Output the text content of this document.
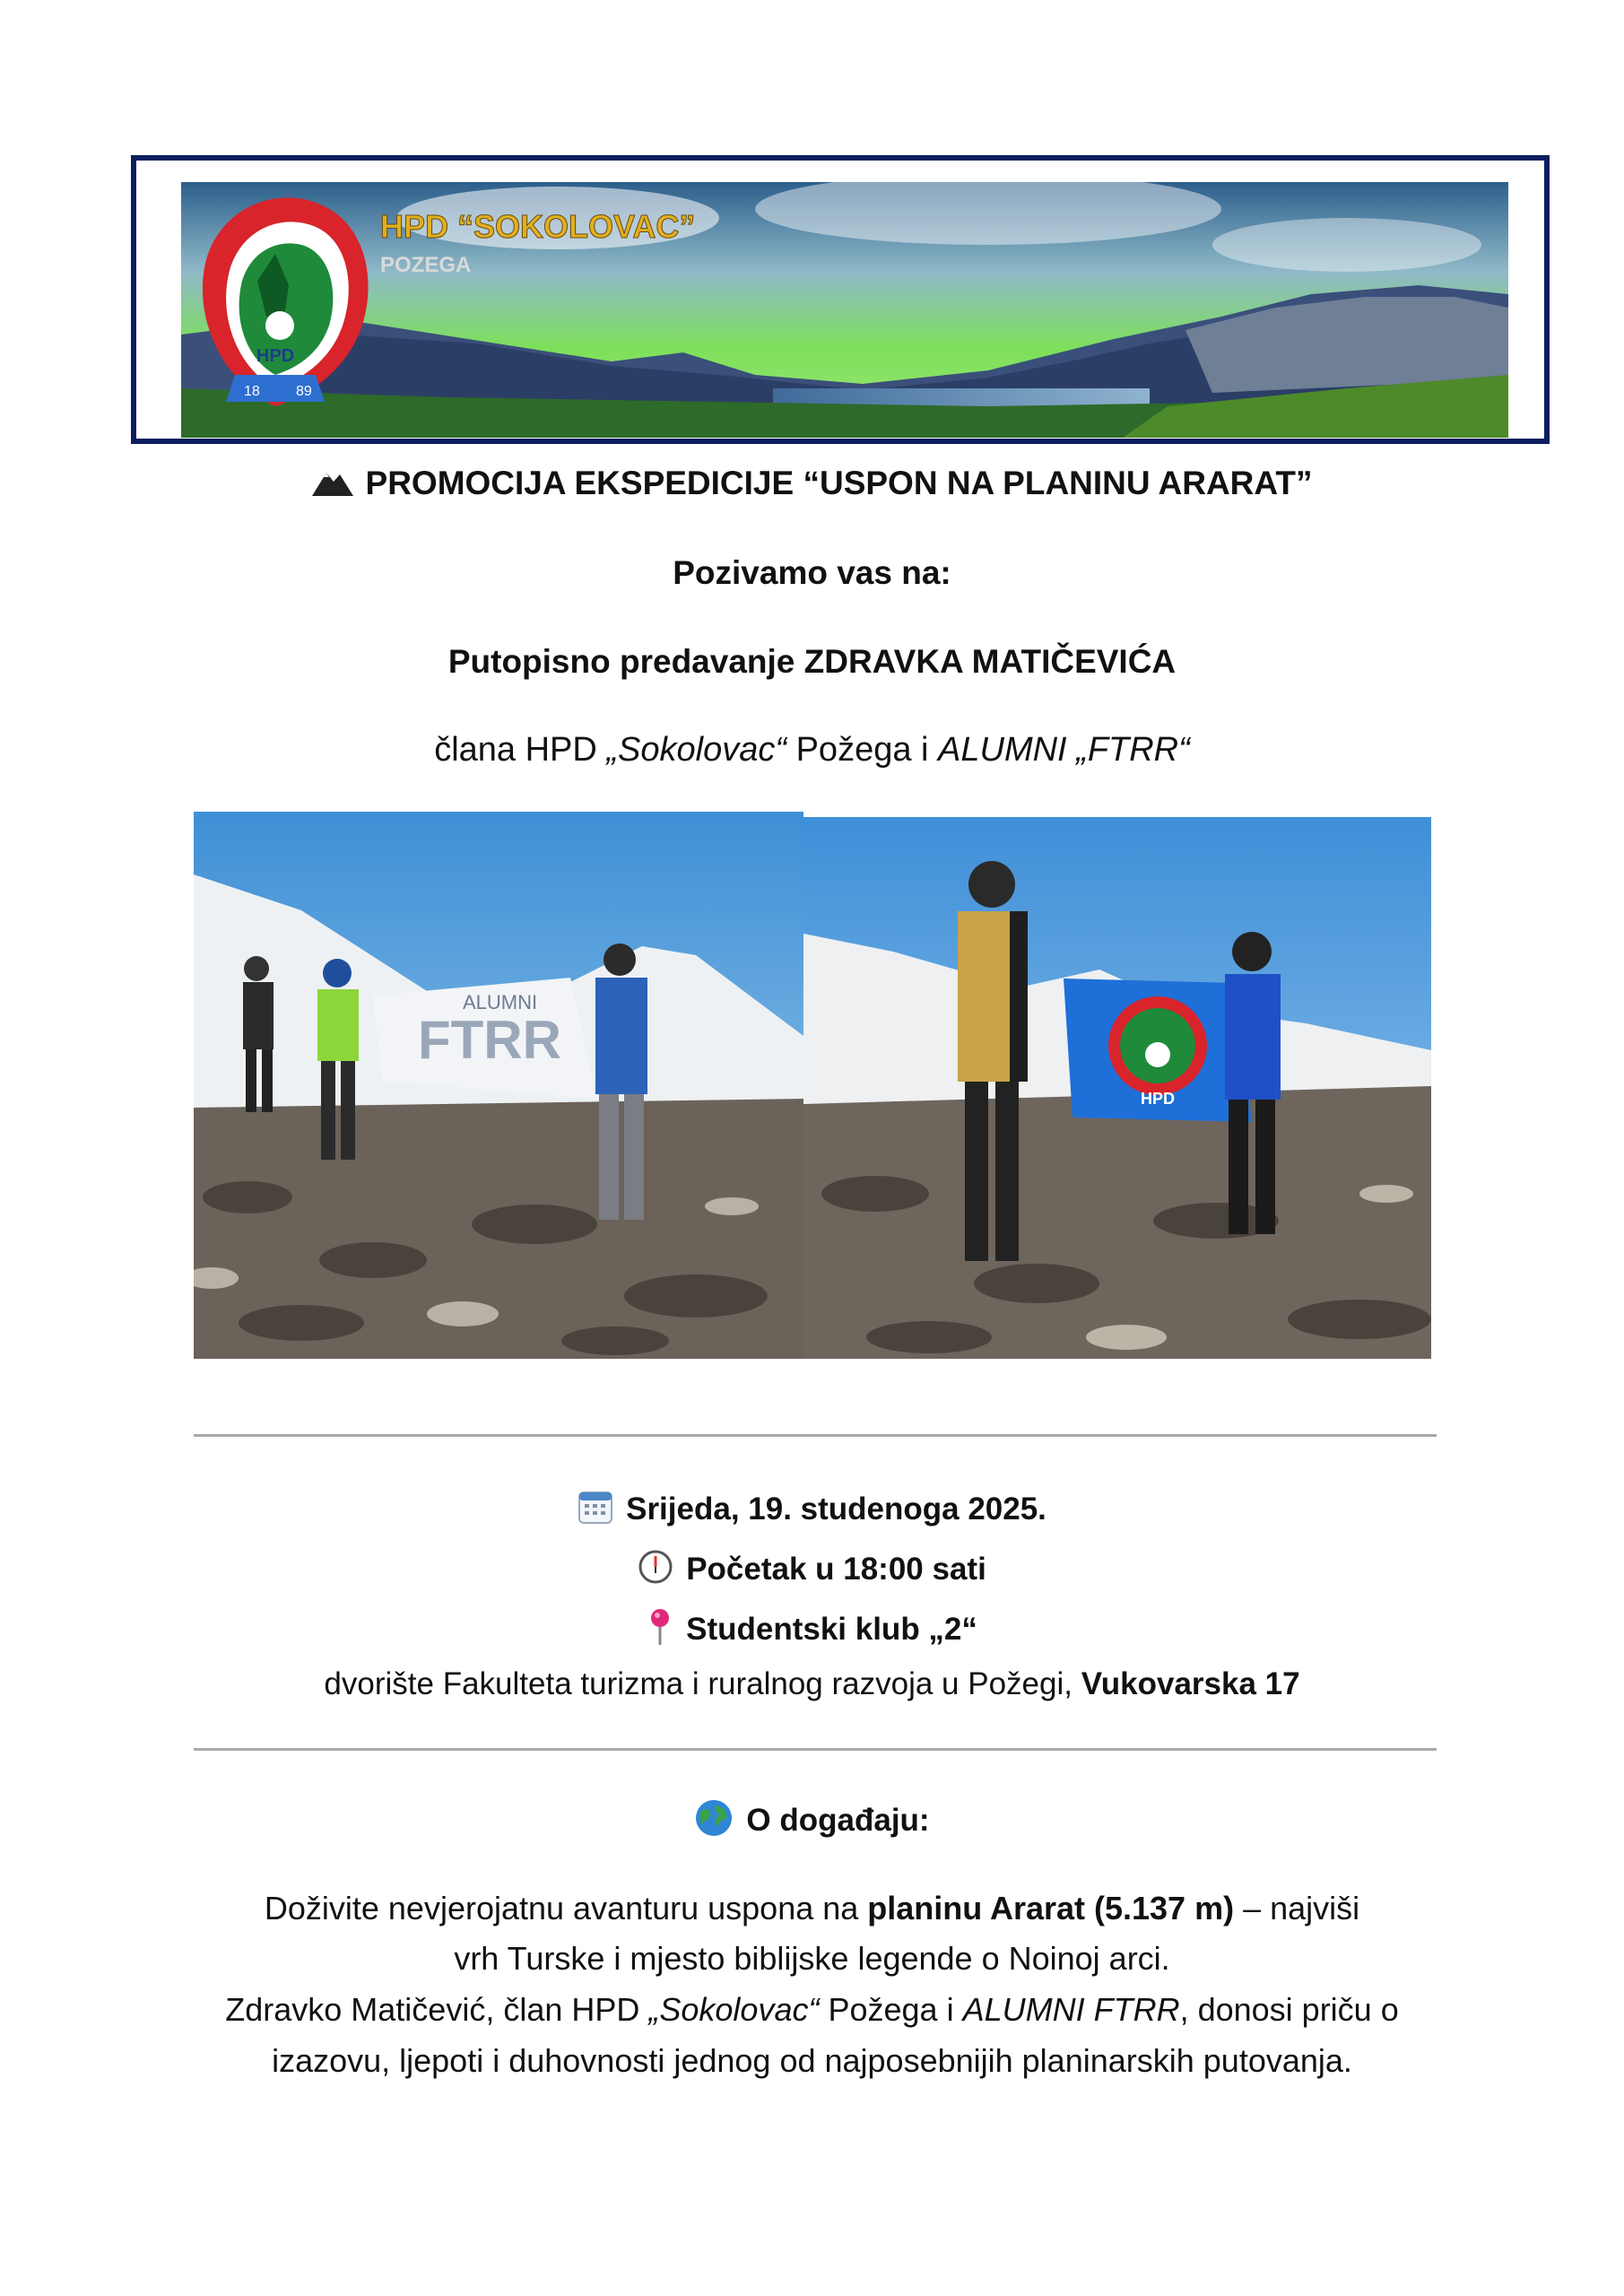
HPD
18	89
HPD “SOKOLOVAC”
POZEGA
PROMOCIJA EKSPEDICIJE “USPON NA PLANINU ARARAT”
Pozivamo vas na:
Putopisno predavanje ZDRAVKA MATIČEVIĆA
člana HPD „Sokolovac“ Požega i ALUMNI „FTRR“
FTRR
ALUMNI
HPD
Srijeda, 19. studenoga 2025.
Početak u 18:00 sati
Studentski klub „2“
dvorište Fakulteta turizma i ruralnog razvoja u Požegi, Vukovarska 17
O događaju:
Doživite nevjerojatnu avanturu uspona na planinu Ararat (5.137 m) – najviši
vrh Turske i mjesto biblijske legende o Noinoj arci.
Zdravko Matičević, član HPD „Sokolovac“ Požega i ALUMNI FTRR, donosi priču o
izazovu, ljepoti i duhovnosti jednog od najposebnijih planinarskih putovanja.
